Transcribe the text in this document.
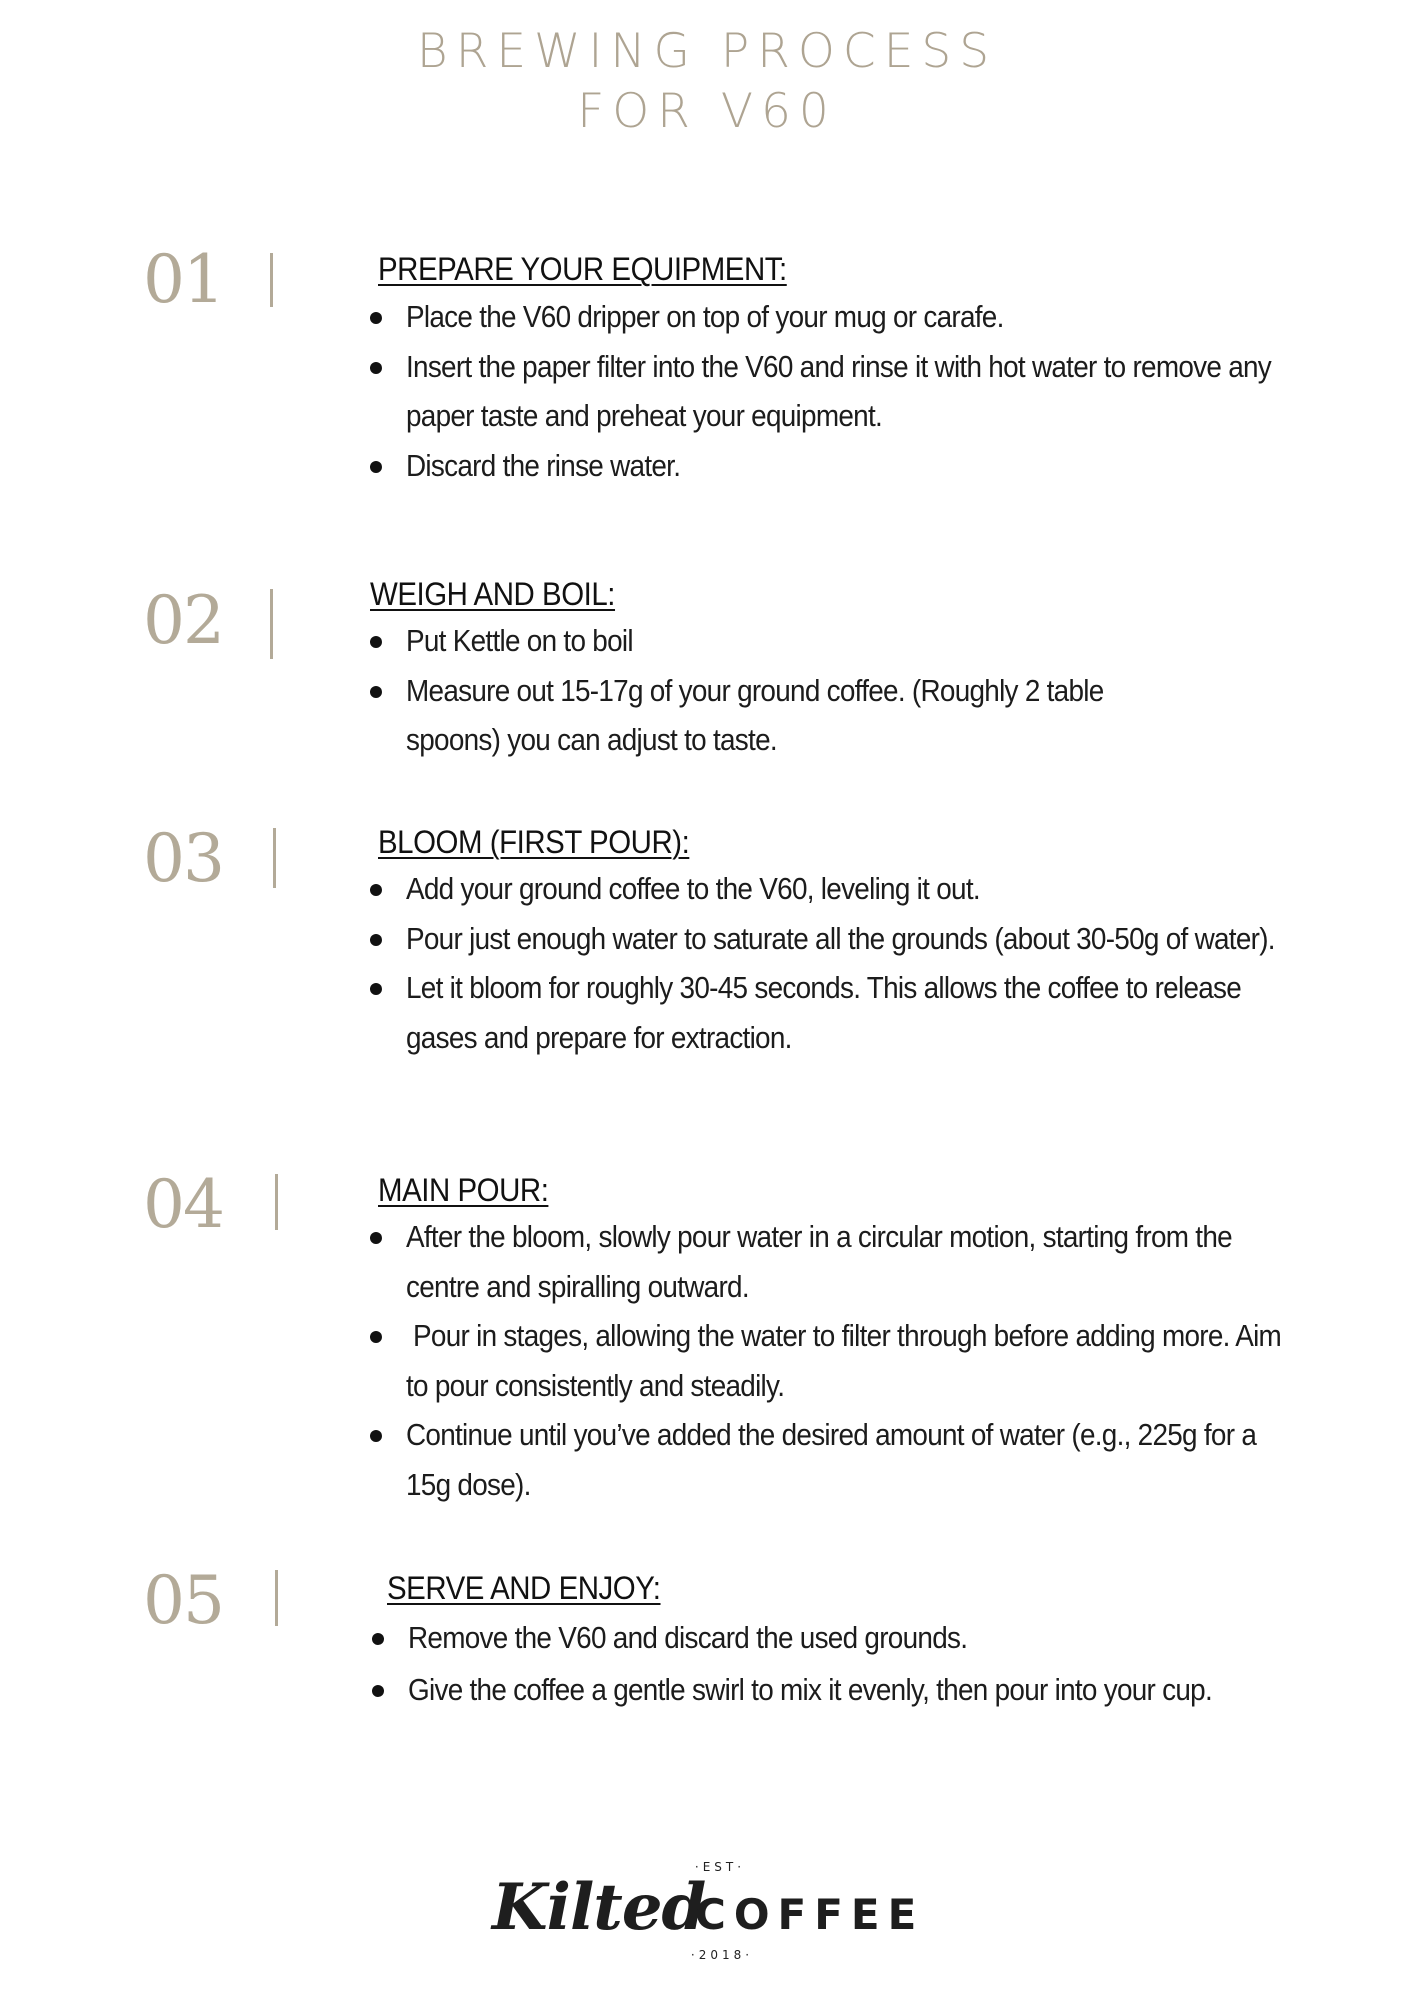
BREWING PROCESS
FOR V60
01	PREPARE YOUR EQUIPMENT:
Place the V60 dripper on top of your mug or carafe.
Insert the paper filter into the V60 and rinse it with hot water to remove any paper taste and preheat your equipment.
Discard the rinse water.
02	WEIGH AND BOIL:
Put Kettle on to boil
Measure out 15-17g of your ground coffee. (Roughly 2 table spoons) you can adjust to taste.
03	BLOOM (FIRST POUR):
Add your ground coffee to the V60, leveling it out.
Pour just enough water to saturate all the grounds (about 30-50g of water).
Let it bloom for roughly 30-45 seconds. This allows the coffee to release gases and prepare for extraction.
04	MAIN POUR:
After the bloom, slowly pour water in a circular motion, starting from the centre and spiralling outward.
Pour in stages, allowing the water to filter through before adding more. Aim to pour consistently and steadily.
Continue until you’ve added the desired amount of water (e.g., 225g for a 15g dose).
05	SERVE AND ENJOY:
Remove the V60 and discard the used grounds.
Give the coffee a gentle swirl to mix it evenly, then pour into your cup.
·EST·
Kilted
COFFEE
·2018·
